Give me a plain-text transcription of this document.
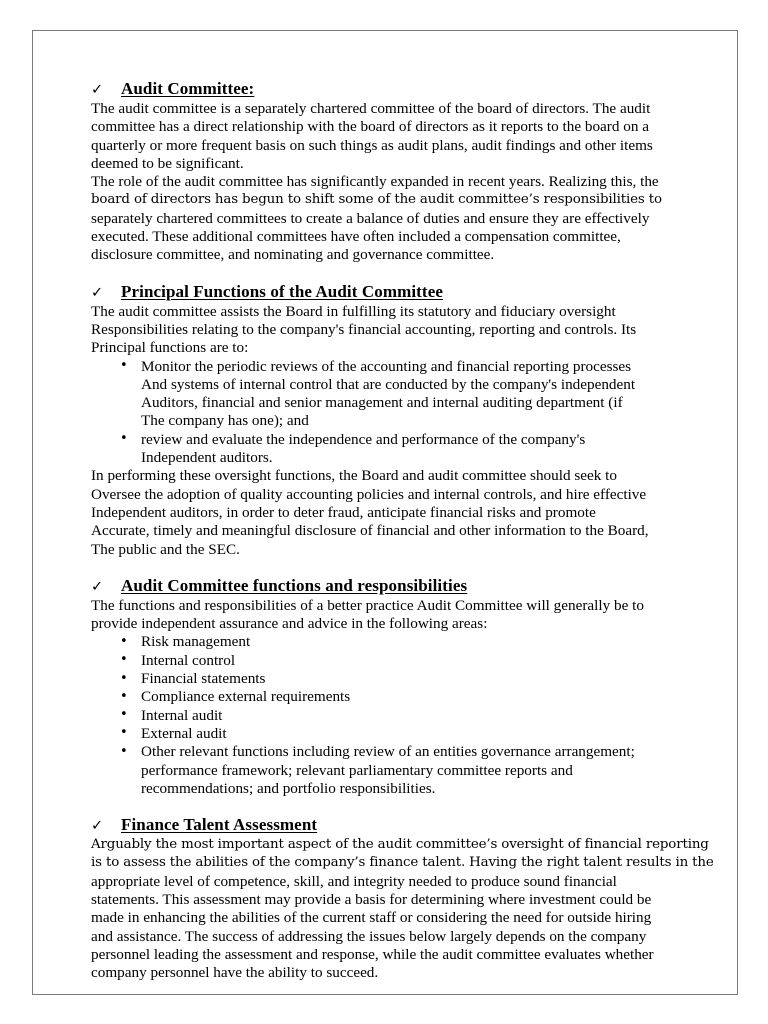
✓ Audit Committee:

The audit committee is a separately chartered committee of the board of directors. The audit
committee has a direct relationship with the board of directors as it reports to the board on a
quarterly or more frequent basis on such things as audit plans, audit findings and other items
deemed to be significant.

The role of the audit committee has significantly expanded in recent years. Realizing this, the
board of directors has begun to shift some of the audit committee’s responsibilities to
separately chartered committees to create a balance of duties and ensure they are effectively
executed. These additional committees have often included a compensation committee,
disclosure committee, and nominating and governance committee.

✓ Principal Functions of the Audit Committee

The audit committee assists the Board in fulfilling its statutory and fiduciary oversight
Responsibilities relating to the company's financial accounting, reporting and controls. Its
Principal functions are to:

• Monitor the periodic reviews of the accounting and financial reporting processes
And systems of internal control that are conducted by the company's independent
Auditors, financial and senior management and internal auditing department (if
The company has one); and
• review and evaluate the independence and performance of the company's
Independent auditors.

In performing these oversight functions, the Board and audit committee should seek to
Oversee the adoption of quality accounting policies and internal controls, and hire effective
Independent auditors, in order to deter fraud, anticipate financial risks and promote
Accurate, timely and meaningful disclosure of financial and other information to the Board,
The public and the SEC.

✓ Audit Committee functions and responsibilities

The functions and responsibilities of a better practice Audit Committee will generally be to
provide independent assurance and advice in the following areas:

• Risk management
• Internal control
• Financial statements
• Compliance external requirements
• Internal audit
• External audit
• Other relevant functions including review of an entities governance arrangement;
performance framework; relevant parliamentary committee reports and
recommendations; and portfolio responsibilities.
✓ Finance Talent Assessment

Arguably the most important aspect of the audit committee’s oversight of financial reporting
is to assess the abilities of the company’s finance talent. Having the right talent results in the
appropriate level of competence, skill, and integrity needed to produce sound financial
statements. This assessment may provide a basis for determining where investment could be
made in enhancing the abilities of the current staff or considering the need for outside hiring
and assistance. The success of addressing the issues below largely depends on the company
personnel leading the assessment and response, while the audit committee evaluates whether
company personnel have the ability to succeed.
